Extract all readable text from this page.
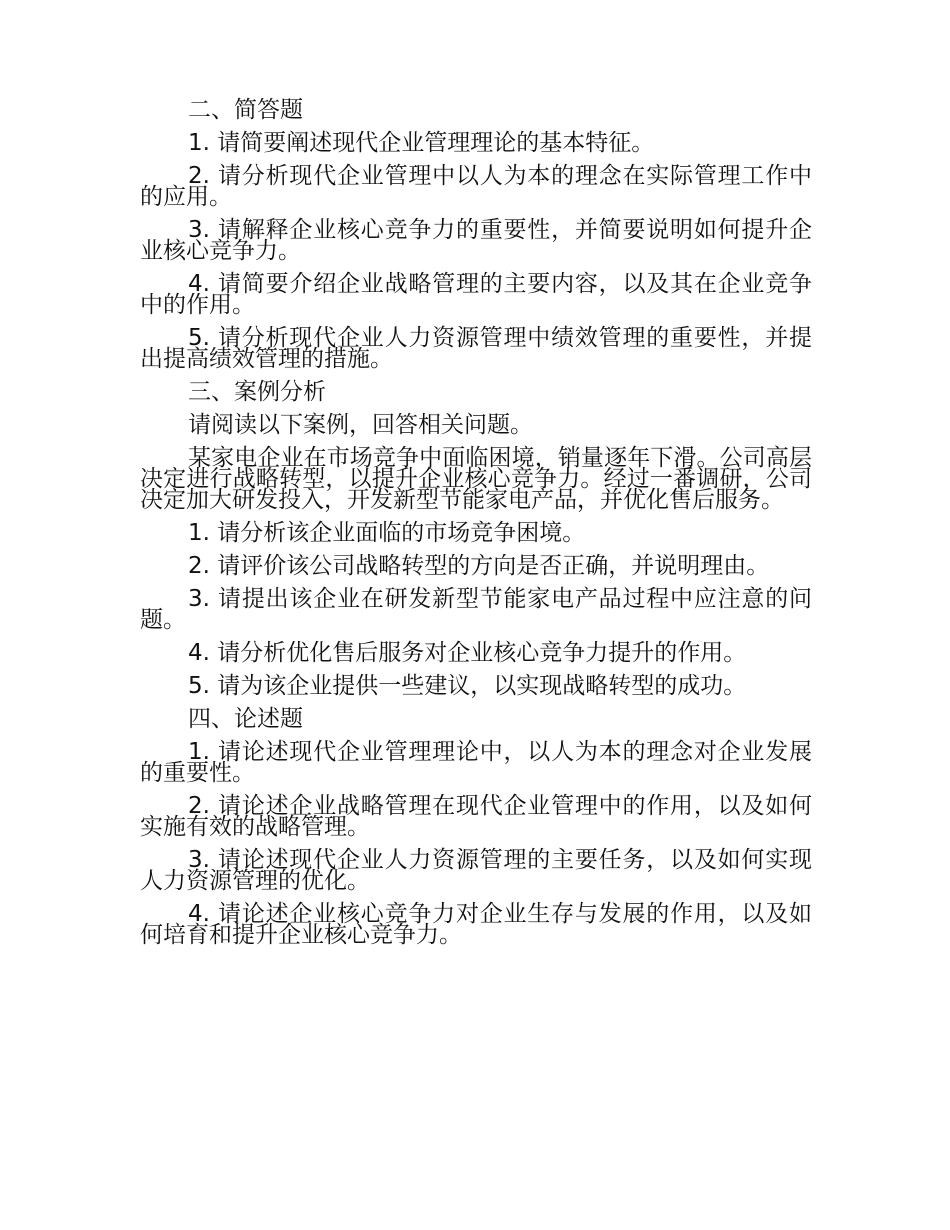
二、简答题

1. 请简要阐述现代企业管理理论的基本特征。

2. 请分析现代企业管理中以人为本的理念在实际管理工作中的应用。

3. 请解释企业核心竞争力的重要性，并简要说明如何提升企业核心竞争力。

4. 请简要介绍企业战略管理的主要内容，以及其在企业竞争中的作用。

5. 请分析现代企业人力资源管理中绩效管理的重要性，并提出提高绩效管理的措施。

三、案例分析

请阅读以下案例，回答相关问题。

某家电企业在市场竞争中面临困境，销量逐年下滑。公司高层决定进行战略转型，以提升企业核心竞争力。经过一番调研，公司决定加大研发投入，开发新型节能家电产品，并优化售后服务。

1. 请分析该企业面临的市场竞争困境。

2. 请评价该公司战略转型的方向是否正确，并说明理由。

3. 请提出该企业在研发新型节能家电产品过程中应注意的问题。

4. 请分析优化售后服务对企业核心竞争力提升的作用。

5. 请为该企业提供一些建议，以实现战略转型的成功。

四、论述题

1. 请论述现代企业管理理论中，以人为本的理念对企业发展的重要性。

2. 请论述企业战略管理在现代企业管理中的作用，以及如何实施有效的战略管理。

3. 请论述现代企业人力资源管理的主要任务，以及如何实现人力资源管理的优化。

4. 请论述企业核心竞争力对企业生存与发展的作用，以及如何培育和提升企业核心竞争力。
